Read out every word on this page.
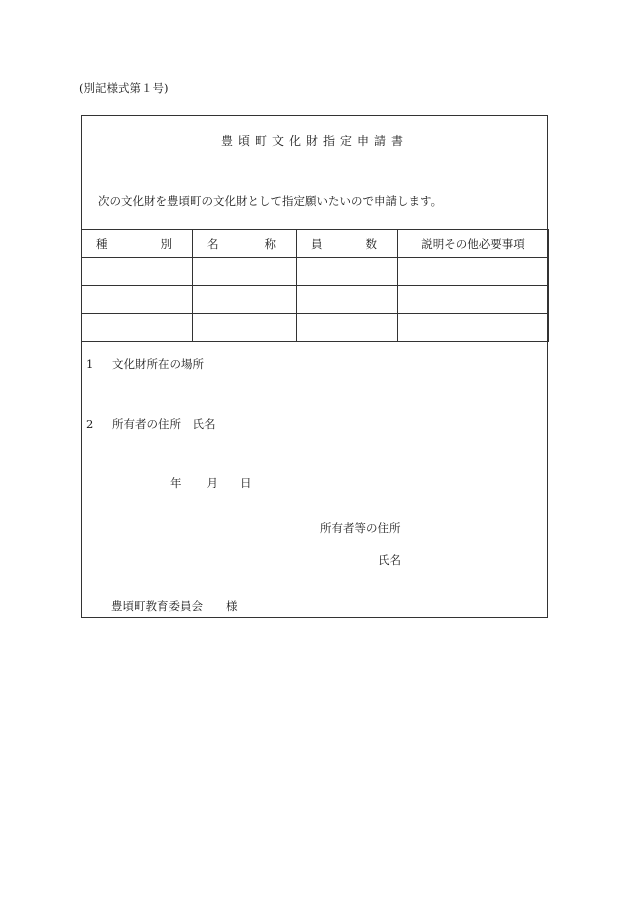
(別記様式第１号)
豊頃町文化財指定申請書
次の文化財を豊頃町の文化財として指定願いたいので申請します。
種 別	名 称	員 数	説明その他必要事項

1 文化財所在の場所
2 所有者の住所　氏名
年 月 日
所有者等の住所
氏名
豊頃町教育委員会　　様
